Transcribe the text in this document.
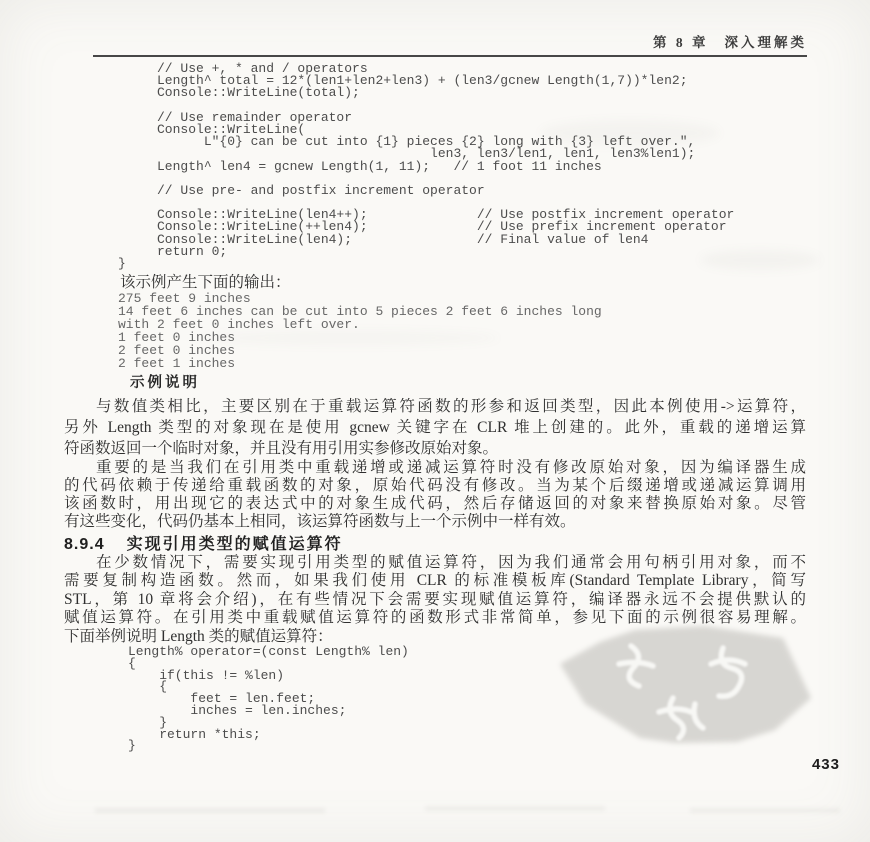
第 8 章 深入理解类
// Use +, * and / operators
Length^ total = 12*(len1+len2+len3) + (len3/gcnew Length(1,7))*len2;
Console::WriteLine(total);
// Use remainder operator
Console::WriteLine(
L"{0} can be cut into {1} pieces {2} long with {3} left over.",
len3, len3/len1, len1, len3%len1);
Length^ len4 = gcnew Length(1, 11);   // 1 foot 11 inches
// Use pre- and postfix increment operator
Console::WriteLine(len4++);              // Use postfix increment operator
Console::WriteLine(++len4);              // Use prefix increment operator
Console::WriteLine(len4);                // Final value of len4
return 0;
}
该示例产生下面的输出：
275 feet 9 inches
14 feet 6 inches can be cut into 5 pieces 2 feet 6 inches long
with 2 feet 0 inches left over.
1 feet 0 inches
2 feet 0 inches
2 feet 1 inches
示例说明
与数值类相比，主要区别在于重载运算符函数的形参和返回类型，因此本例使用->运算符，
另外 Length 类型的对象现在是使用 gcnew 关键字在 CLR 堆上创建的。此外，重载的递增运算
符函数返回一个临时对象，并且没有用引用实参修改原始对象。
重要的是当我们在引用类中重载递增或递减运算符时没有修改原始对象，因为编译器生成
的代码依赖于传递给重载函数的对象，原始代码没有修改。当为某个后缀递增或递减运算调用
该函数时，用出现它的表达式中的对象生成代码，然后存储返回的对象来替换原始对象。尽管
有这些变化，代码仍基本上相同，该运算符函数与上一个示例中一样有效。
8.9.4 实现引用类型的赋值运算符
在少数情况下，需要实现引用类型的赋值运算符，因为我们通常会用句柄引用对象，而不
需要复制构造函数。然而，如果我们使用 CLR 的标准模板库(Standard Template Library，简写
STL，第 10 章将会介绍)，在有些情况下会需要实现赋值运算符，编译器永远不会提供默认的
赋值运算符。在引用类中重载赋值运算符的函数形式非常简单，参见下面的示例很容易理解。
下面举例说明 Length 类的赋值运算符：
Length% operator=(const Length% len)
{
if(this != %len)
{
feet = len.feet;
inches = len.inches;
}
return *this;
}
433
